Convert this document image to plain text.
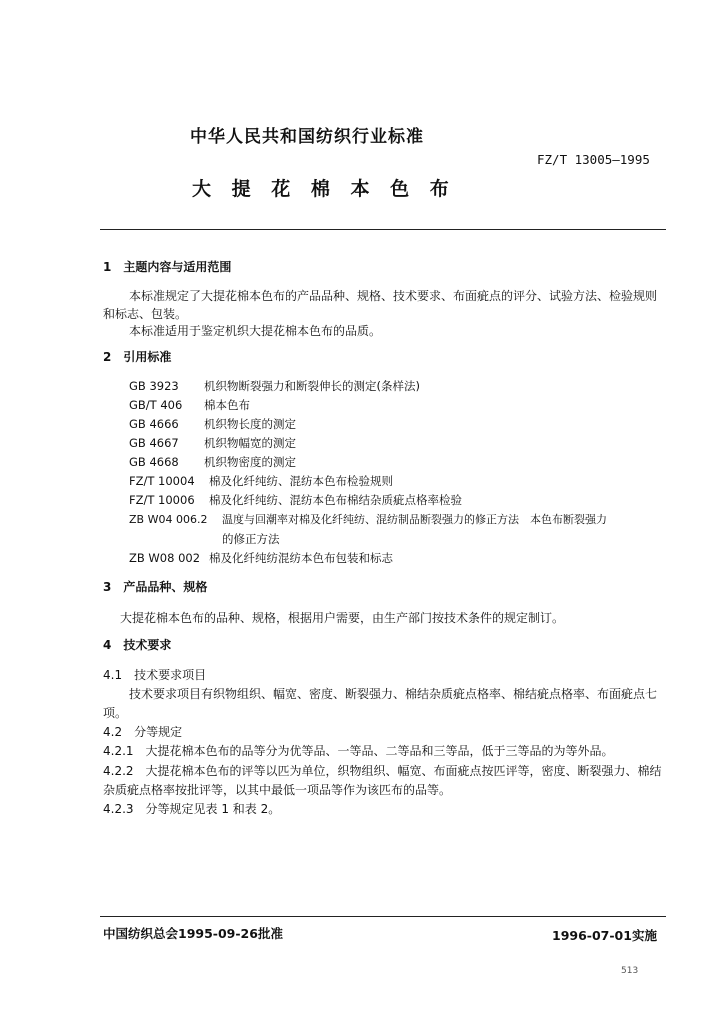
中华人民共和国纺织行业标准
FZ/T 13005—1995
大 提 花 棉 本 色 布
1　主题内容与适用范围
本标准规定了大提花棉本色布的产品品种、规格、技术要求、布面疵点的评分、试验方法、检验规则
和标志、包装。
本标准适用于鉴定机织大提花棉本色布的品质。
2　引用标准
GB 3923 机织物断裂强力和断裂伸长的测定(条样法)
GB/T 406 棉本色布
GB 4666 机织物长度的测定
GB 4667 机织物幅宽的测定
GB 4668 机织物密度的测定
FZ/T 10004 棉及化纤纯纺、混纺本色布检验规则
FZ/T 10006 棉及化纤纯纺、混纺本色布棉结杂质疵点格率检验
ZB W04 006.2 温度与回潮率对棉及化纤纯纺、混纺制品断裂强力的修正方法　本色布断裂强力
的修正方法
ZB W08 002 棉及化纤纯纺混纺本色布包装和标志
3　产品品种、规格
大提花棉本色布的品种、规格，根据用户需要，由生产部门按技术条件的规定制订。
4　技术要求
4.1　技术要求项目
技术要求项目有织物组织、幅宽、密度、断裂强力、棉结杂质疵点格率、棉结疵点格率、布面疵点七
项。
4.2　分等规定
4.2.1　大提花棉本色布的品等分为优等品、一等品、二等品和三等品，低于三等品的为等外品。
4.2.2　大提花棉本色布的评等以匹为单位，织物组织、幅宽、布面疵点按匹评等，密度、断裂强力、棉结
杂质疵点格率按批评等，以其中最低一项品等作为该匹布的品等。
4.2.3　分等规定见表 1 和表 2。
中国纺织总会1995-09-26批准	1996-07-01实施
513
